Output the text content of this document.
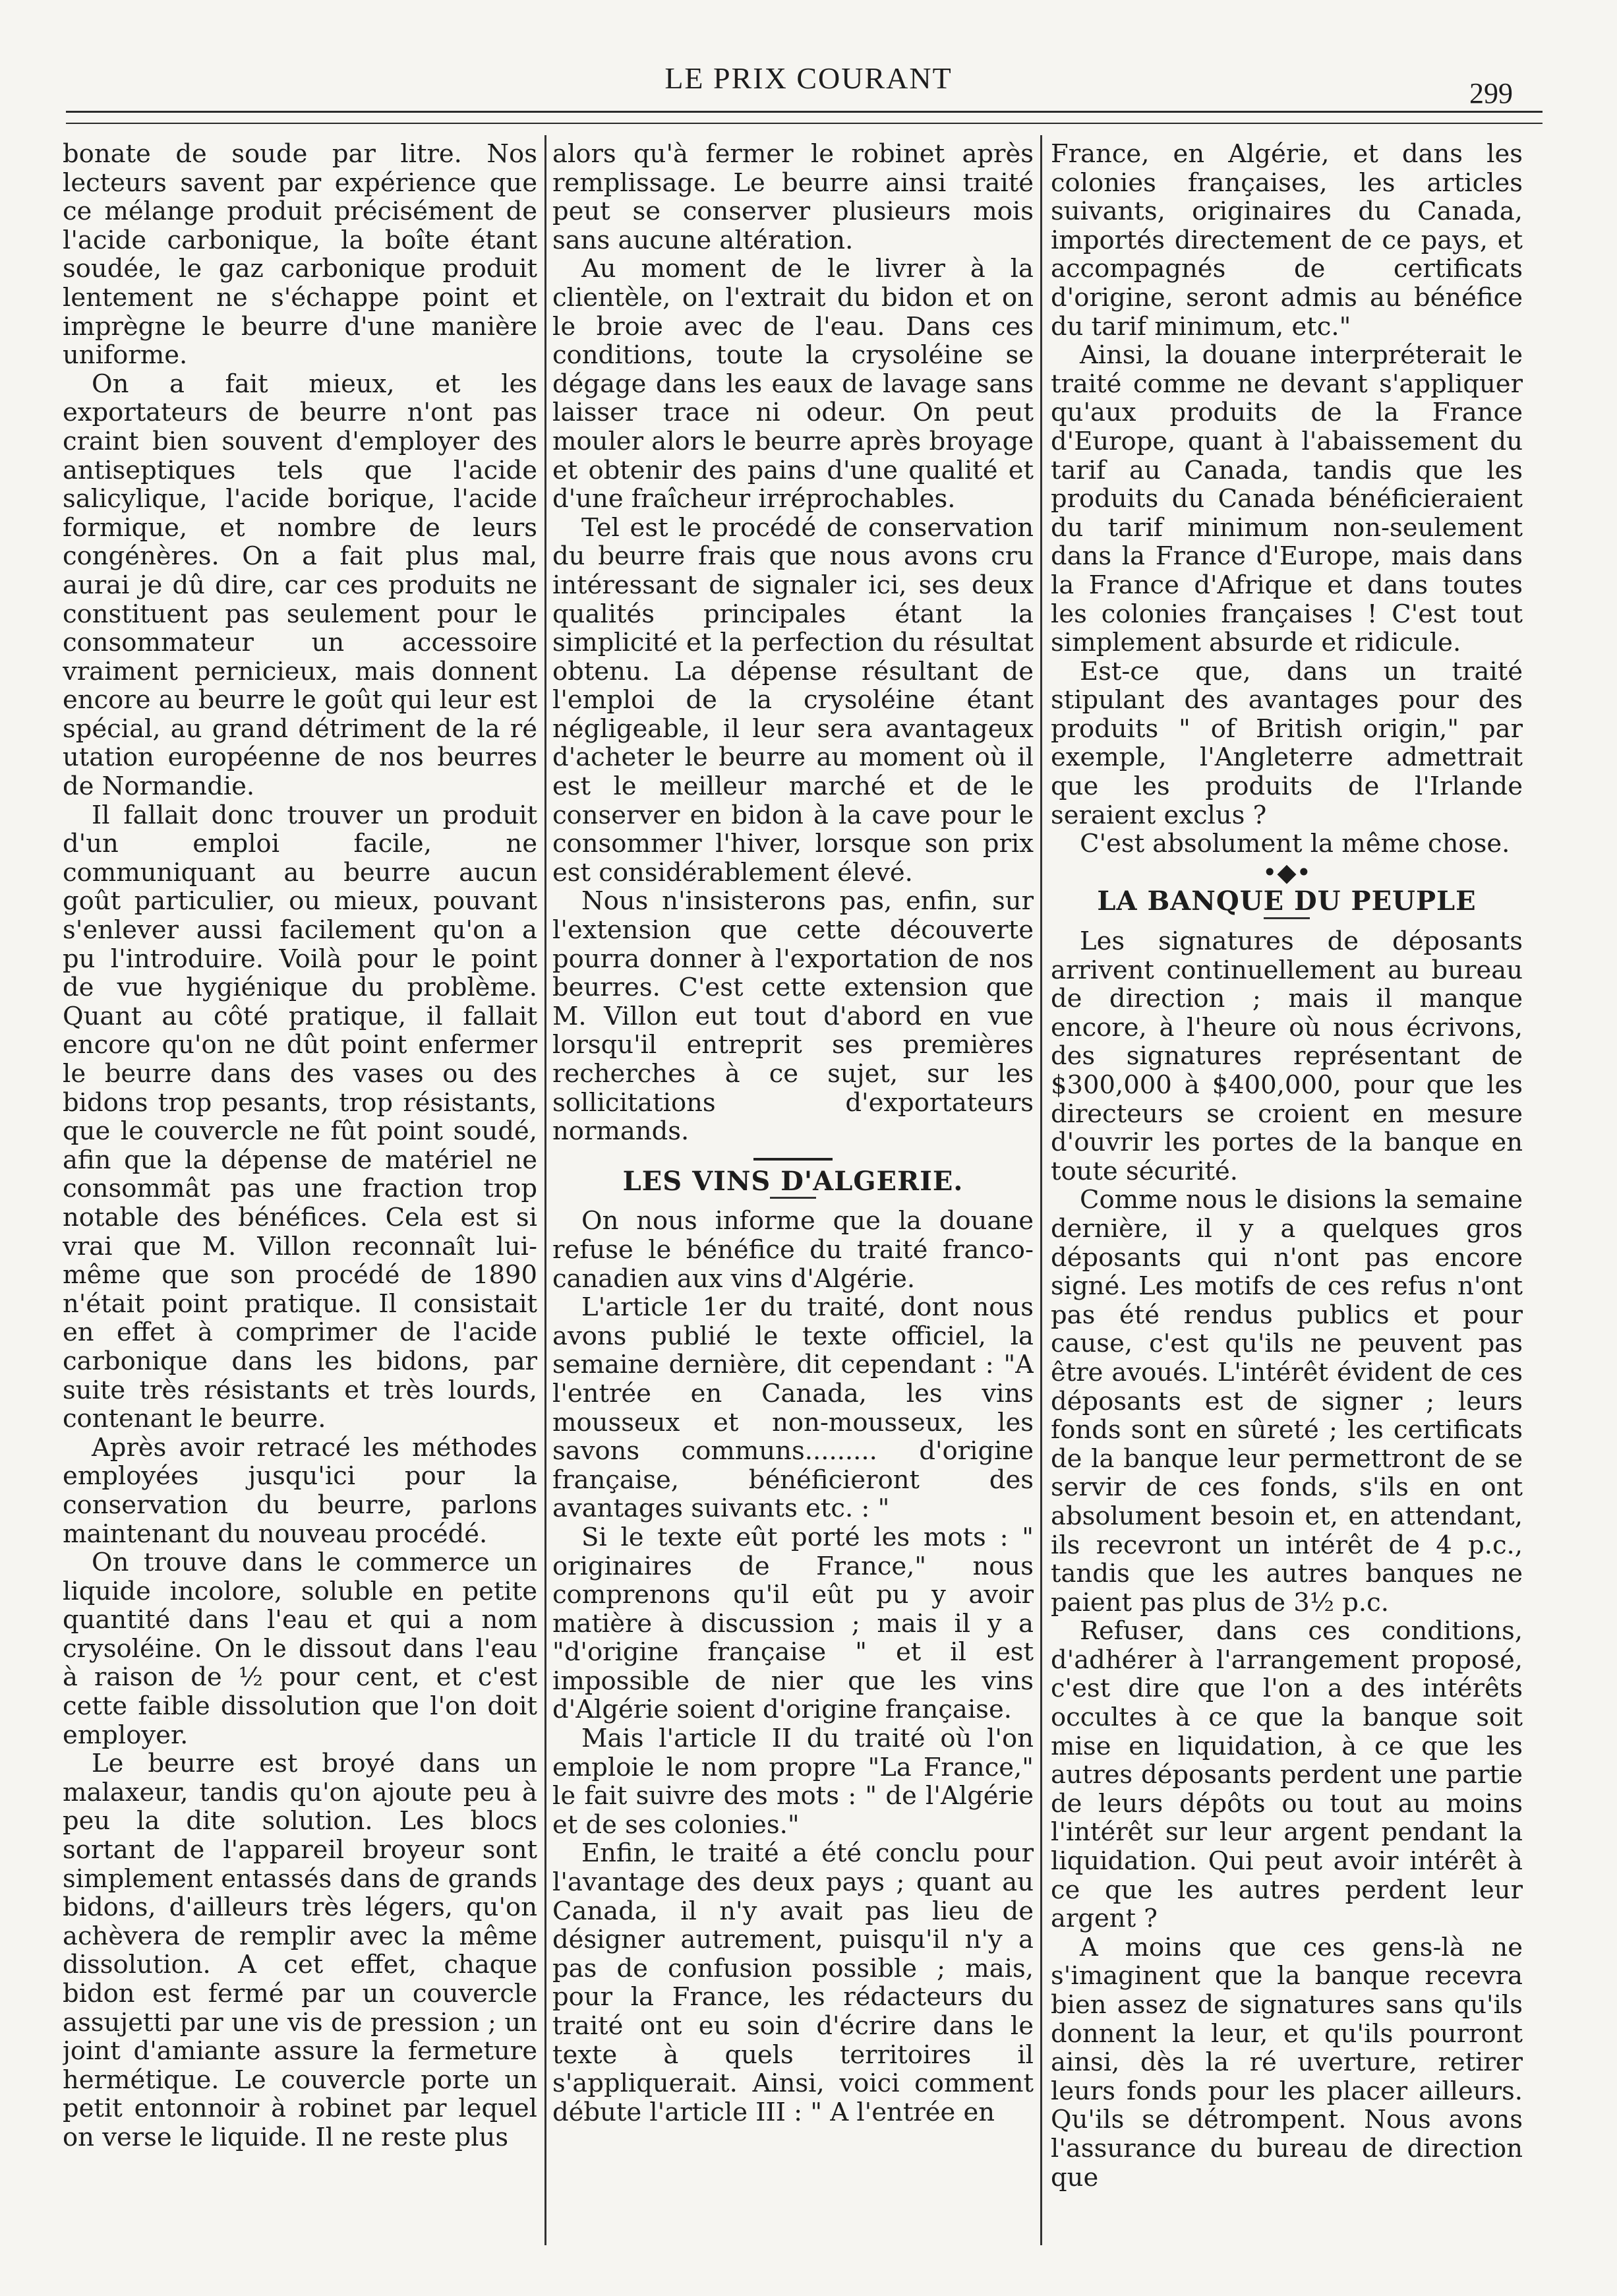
LE PRIX COURANT	299

bonate de soude par litre. Nos lecteurs savent par expérience que ce mélange produit précisément de l'acide carbonique, la boîte étant soudée, le gaz carbonique produit lentement ne s'échappe point et imprègne le beurre d'une manière uniforme.

On a fait mieux, et les exportateurs de beurre n'ont pas craint bien souvent d'employer des antiseptiques tels que l'acide salicylique, l'acide borique, l'acide formique, et nombre de leurs congénères. On a fait plus mal, aurai je dû dire, car ces produits ne constituent pas seulement pour le consommateur un accessoire vraiment pernicieux, mais donnent encore au beurre le goût qui leur est spécial, au grand détriment de la ré utation européenne de nos beurres de Normandie.

Il fallait donc trouver un produit d'un emploi facile, ne communiquant au beurre aucun goût particulier, ou mieux, pouvant s'enlever aussi facilement qu'on a pu l'introduire. Voilà pour le point de vue hygiénique du problème. Quant au côté pratique, il fallait encore qu'on ne dût point enfermer le beurre dans des vases ou des bidons trop pesants, trop résistants, que le couvercle ne fût point soudé, afin que la dépense de matériel ne consommât pas une fraction trop notable des bénéfices. Cela est si vrai que M. Villon reconnaît lui-même que son procédé de 1890 n'était point pratique. Il consistait en effet à comprimer de l'acide carbonique dans les bidons, par suite très résistants et très lourds, contenant le beurre.

Après avoir retracé les méthodes employées jusqu'ici pour la conservation du beurre, parlons maintenant du nouveau procédé.

On trouve dans le commerce un liquide incolore, soluble en petite quantité dans l'eau et qui a nom crysoléine. On le dissout dans l'eau à raison de ½ pour cent, et c'est cette faible dissolution que l'on doit employer.

Le beurre est broyé dans un malaxeur, tandis qu'on ajoute peu à peu la dite solution. Les blocs sortant de l'appareil broyeur sont simplement entassés dans de grands bidons, d'ailleurs très légers, qu'on achèvera de remplir avec la même dissolution. A cet effet, chaque bidon est fermé par un couvercle assujetti par une vis de pression ; un joint d'amiante assure la fermeture hermétique. Le couvercle porte un petit entonnoir à robinet par lequel on verse le liquide. Il ne reste plus

alors qu'à fermer le robinet après remplissage. Le beurre ainsi traité peut se conserver plusieurs mois sans aucune altération.

Au moment de le livrer à la clientèle, on l'extrait du bidon et on le broie avec de l'eau. Dans ces conditions, toute la crysoléine se dégage dans les eaux de lavage sans laisser trace ni odeur. On peut mouler alors le beurre après broyage et obtenir des pains d'une qualité et d'une fraîcheur irréprochables.

Tel est le procédé de conservation du beurre frais que nous avons cru intéressant de signaler ici, ses deux qualités principales étant la simplicité et la perfection du résultat obtenu. La dépense résultant de l'emploi de la crysoléine étant négligeable, il leur sera avantageux d'acheter le beurre au moment où il est le meilleur marché et de le conserver en bidon à la cave pour le consommer l'hiver, lorsque son prix est considérablement élevé.

Nous n'insisterons pas, enfin, sur l'extension que cette découverte pourra donner à l'exportation de nos beurres. C'est cette extension que M. Villon eut tout d'abord en vue lorsqu'il entreprit ses premières recherches à ce sujet, sur les sollicitations d'exportateurs normands.

LES VINS D'ALGERIE.

On nous informe que la douane refuse le bénéfice du traité franco-canadien aux vins d'Algérie.

L'article 1er du traité, dont nous avons publié le texte officiel, la semaine dernière, dit cependant : "A l'entrée en Canada, les vins mousseux et non-mousseux, les savons communs......... d'origine française, bénéficieront des avantages suivants etc. : "

Si le texte eût porté les mots : " originaires de France," nous comprenons qu'il eût pu y avoir matière à discussion ; mais il y a "d'origine française " et il est impossible de nier que les vins d'Algérie soient d'origine française.

Mais l'article II du traité où l'on emploie le nom propre "La France," le fait suivre des mots : " de l'Algérie et de ses colonies."

Enfin, le traité a été conclu pour l'avantage des deux pays ; quant au Canada, il n'y avait pas lieu de désigner autrement, puisqu'il n'y a pas de confusion possible ; mais, pour la France, les rédacteurs du traité ont eu soin d'écrire dans le texte à quels territoires il s'appliquerait. Ainsi, voici comment débute l'article III : " A l'entrée en

France, en Algérie, et dans les colonies françaises, les articles suivants, originaires du Canada, importés directement de ce pays, et accompagnés de certificats d'origine, seront admis au bénéfice du tarif minimum, etc."

Ainsi, la douane interpréterait le traité comme ne devant s'appliquer qu'aux produits de la France d'Europe, quant à l'abaissement du tarif au Canada, tandis que les produits du Canada bénéficieraient du tarif minimum non-seulement dans la France d'Europe, mais dans la France d'Afrique et dans toutes les colonies françaises ! C'est tout simplement absurde et ridicule.

Est-ce que, dans un traité stipulant des avantages pour des produits " of British origin," par exemple, l'Angleterre admettrait que les produits de l'Irlande seraient exclus ?

C'est absolument la même chose.

•◆•

LA BANQUE DU PEUPLE

Les signatures de déposants arrivent continuellement au bureau de direction ; mais il manque encore, à l'heure où nous écrivons, des signatures représentant de $300,000 à $400,000, pour que les directeurs se croient en mesure d'ouvrir les portes de la banque en toute sécurité.

Comme nous le disions la semaine dernière, il y a quelques gros déposants qui n'ont pas encore signé. Les motifs de ces refus n'ont pas été rendus publics et pour cause, c'est qu'ils ne peuvent pas être avoués. L'intérêt évident de ces déposants est de signer ; leurs fonds sont en sûreté ; les certificats de la banque leur permettront de se servir de ces fonds, s'ils en ont absolument besoin et, en attendant, ils recevront un intérêt de 4 p.c., tandis que les autres banques ne paient pas plus de 3½ p.c.

Refuser, dans ces conditions, d'adhérer à l'arrangement proposé, c'est dire que l'on a des intérêts occultes à ce que la banque soit mise en liquidation, à ce que les autres déposants perdent une partie de leurs dépôts ou tout au moins l'intérêt sur leur argent pendant la liquidation. Qui peut avoir intérêt à ce que les autres perdent leur argent ?

A moins que ces gens-là ne s'imaginent que la banque recevra bien assez de signatures sans qu'ils donnent la leur, et qu'ils pourront ainsi, dès la ré uverture, retirer leurs fonds pour les placer ailleurs. Qu'ils se détrompent. Nous avons l'assurance du bureau de direction que
